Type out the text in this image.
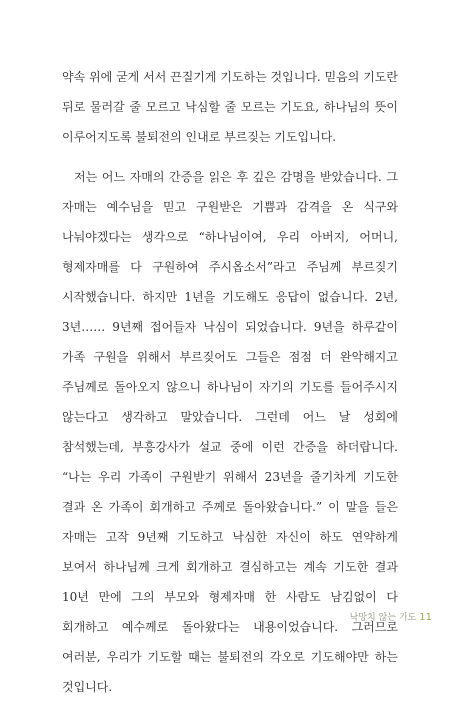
약속 위에 굳게 서서 끈질기게 기도하는 것입니다. 믿음의 기도란 뒤로 물러갈 줄 모르고 낙심할 줄 모르는 기도요, 하나님의 뜻이 이루어지도록 불퇴전의 인내로 부르짖는 기도입니다.

저는 어느 자매의 간증을 읽은 후 깊은 감명을 받았습니다. 그 자매는 예수님을 믿고 구원받은 기쁨과 감격을 온 식구와 나눠야겠다는 생각으로 “하나님이여, 우리 아버지, 어머니, 형제자매를 다 구원하여 주시옵소서”라고 주님께 부르짖기 시작했습니다. 하지만 1년을 기도해도 응답이 없습니다. 2년, 3년…… 9년째 접어들자 낙심이 되었습니다. 9년을 하루같이 가족 구원을 위해서 부르짖어도 그들은 점점 더 완악해지고 주님께로 돌아오지 않으니 하나님이 자기의 기도를 들어주시지 않는다고 생각하고 말았습니다. 그런데 어느 날 성회에 참석했는데, 부흥강사가 설교 중에 이런 간증을 하더랍니다. “나는 우리 가족이 구원받기 위해서 23년을 줄기차게 기도한 결과 온 가족이 회개하고 주께로 돌아왔습니다.” 이 말을 들은 자매는 고작 9년째 기도하고 낙심한 자신이 하도 연약하게 보여서 하나님께 크게 회개하고 결심하고는 계속 기도한 결과 10년 만에 그의 부모와 형제자매 한 사람도 남김없이 다 회개하고 예수께로 돌아왔다는 내용이었습니다. 그러므로 여러분, 우리가 기도할 때는 불퇴전의 각오로 기도해야만 하는 것입니다.

낙망치 않는 기도 11
